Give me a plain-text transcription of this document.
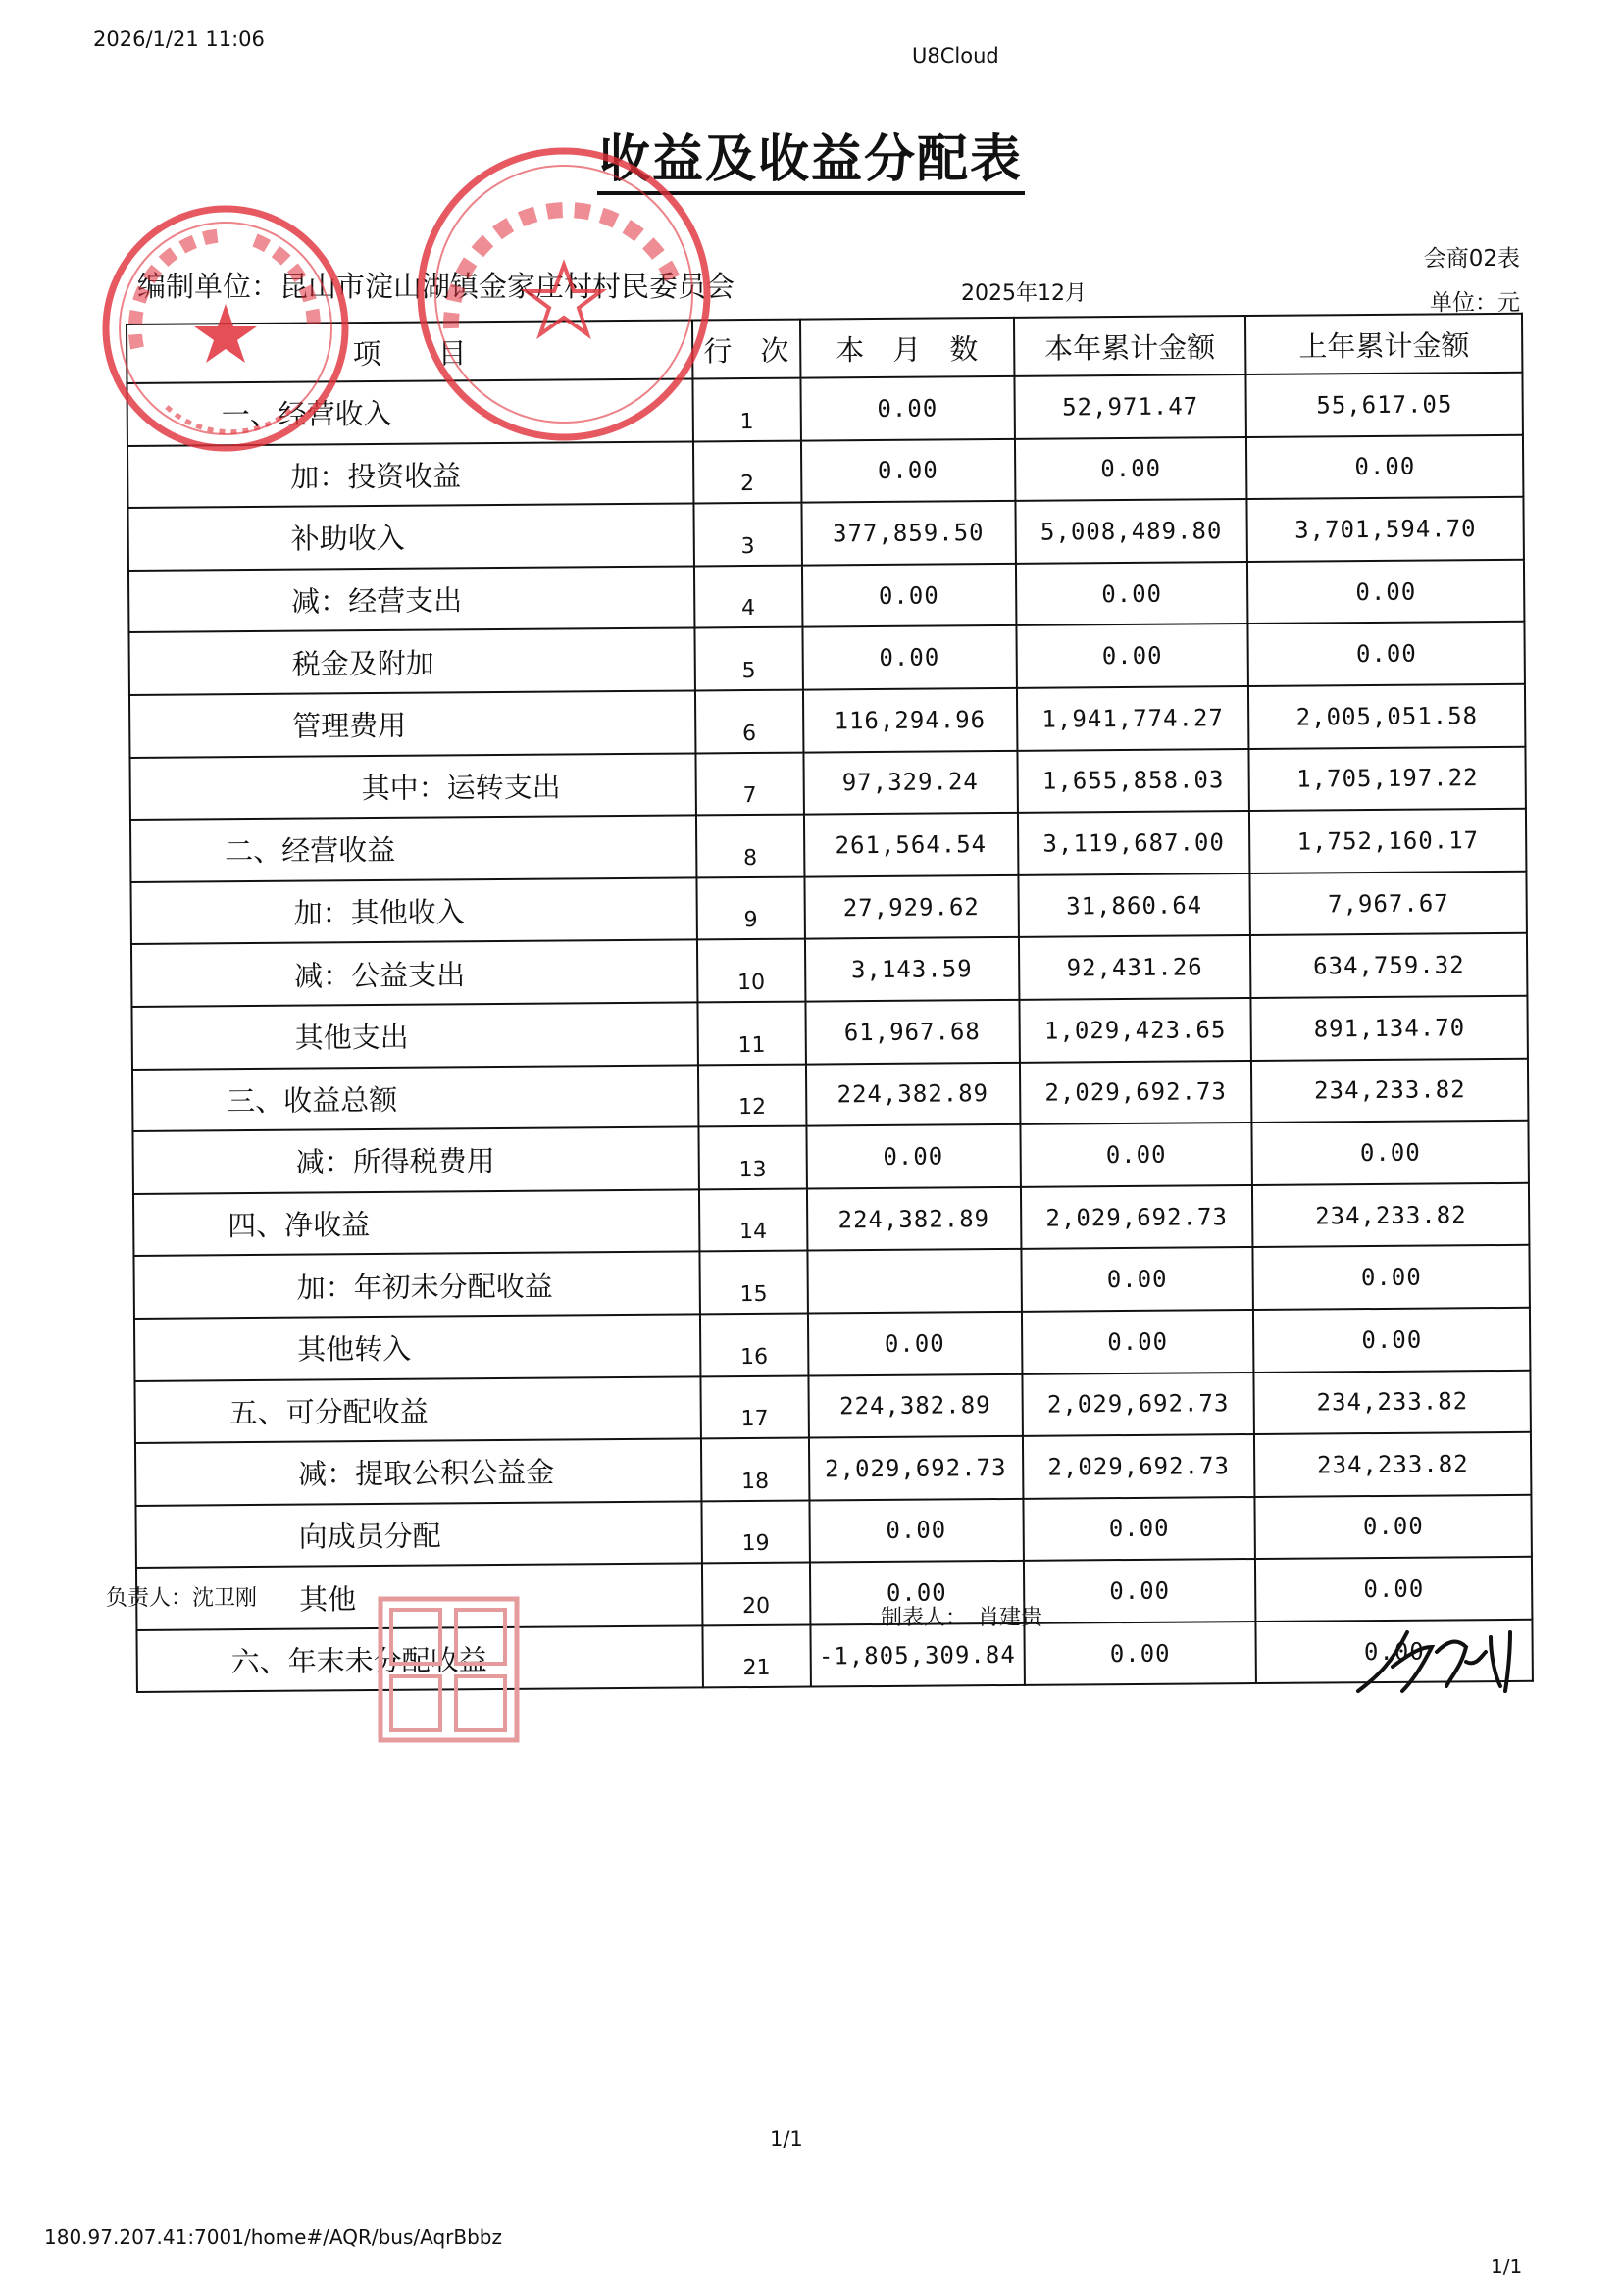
2026/1/21 11:06
U8Cloud
收益及收益分配表
会商02表
单位：元
编制单位：昆山市淀山湖镇金家庄村村民委员会	2025年12月
项　　目	行　次	本　月　数	本年累计金额	上年累计金额
一、经营收入	1	0.00	52,971.47	55,617.05
加：投资收益	2	0.00	0.00	0.00
补助收入	3	377,859.50	5,008,489.80	3,701,594.70
减：经营支出	4	0.00	0.00	0.00
税金及附加	5	0.00	0.00	0.00
管理费用	6	116,294.96	1,941,774.27	2,005,051.58
其中：运转支出	7	97,329.24	1,655,858.03	1,705,197.22
二、经营收益	8	261,564.54	3,119,687.00	1,752,160.17
加：其他收入	9	27,929.62	31,860.64	7,967.67
减：公益支出	10	3,143.59	92,431.26	634,759.32
其他支出	11	61,967.68	1,029,423.65	891,134.70
三、收益总额	12	224,382.89	2,029,692.73	234,233.82
减：所得税费用	13	0.00	0.00	0.00
四、净收益	14	224,382.89	2,029,692.73	234,233.82
加：年初未分配收益	15		0.00	0.00
其他转入	16	0.00	0.00	0.00
五、可分配收益	17	224,382.89	2,029,692.73	234,233.82
减：提取公积公益金	18	2,029,692.73	2,029,692.73	234,233.82
向成员分配	19	0.00	0.00	0.00
其他	20	0.00	0.00	0.00
六、年末未分配收益	21	-1,805,309.84	0.00	0.00
负责人：沈卫刚
制表人：　肖建贵
1/1
180.97.207.41:7001/home#/AQR/bus/AqrBbbz
1/1
